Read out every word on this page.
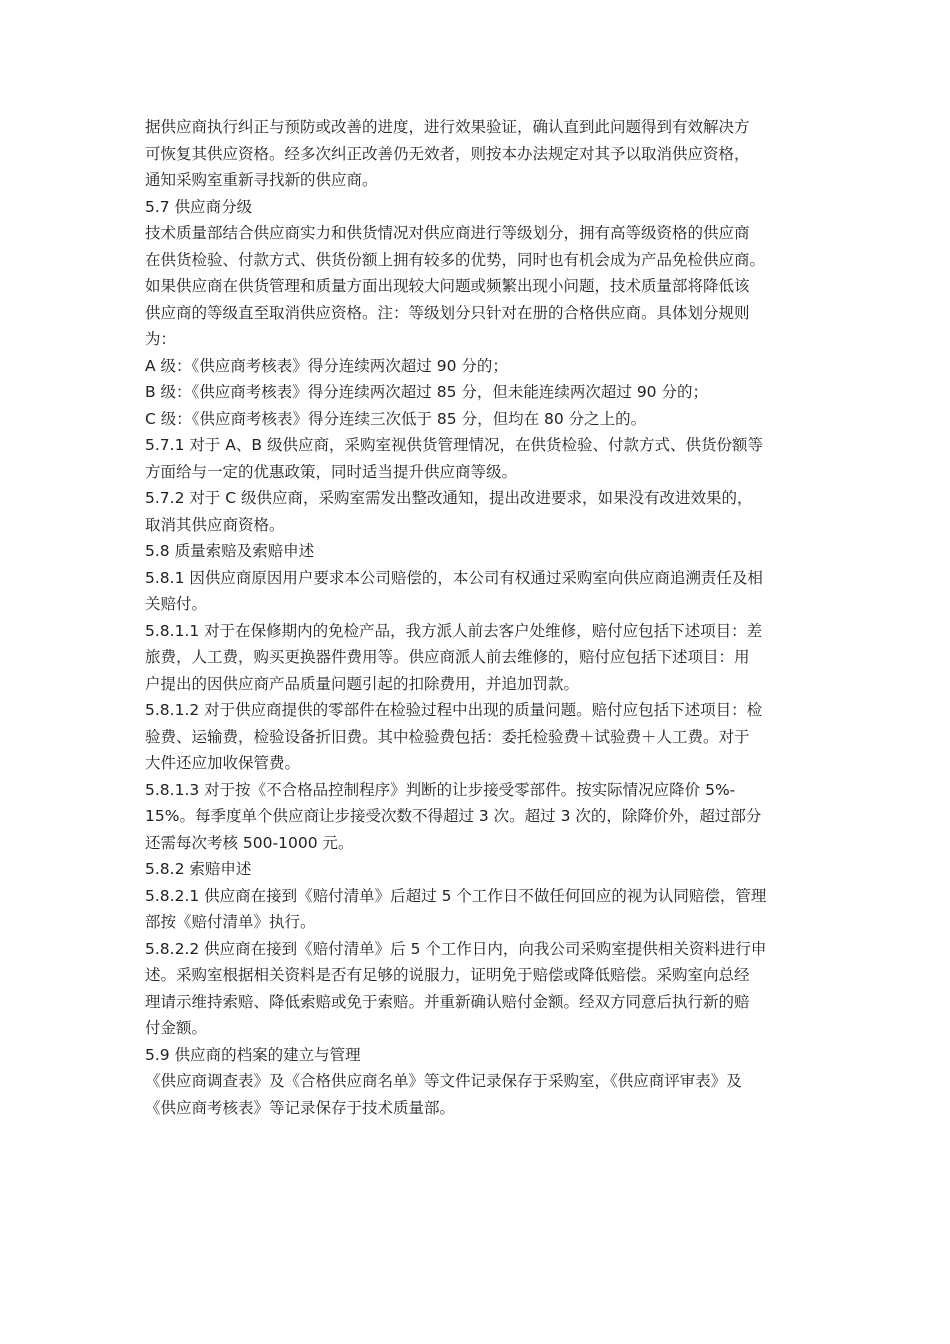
据供应商执行纠正与预防或改善的进度，进行效果验证，确认直到此问题得到有效解决方
可恢复其供应资格。经多次纠正改善仍无效者，则按本办法规定对其予以取消供应资格，
通知采购室重新寻找新的供应商。
5.7 供应商分级
技术质量部结合供应商实力和供货情况对供应商进行等级划分，拥有高等级资格的供应商
在供货检验、付款方式、供货份额上拥有较多的优势，同时也有机会成为产品免检供应商。
如果供应商在供货管理和质量方面出现较大问题或频繁出现小问题，技术质量部将降低该
供应商的等级直至取消供应资格。注：等级划分只针对在册的合格供应商。具体划分规则
为：
A 级：《供应商考核表》得分连续两次超过 90 分的；
B 级：《供应商考核表》得分连续两次超过 85 分，但未能连续两次超过 90 分的；
C 级：《供应商考核表》得分连续三次低于 85 分，但均在 80 分之上的。
5.7.1 对于 A、B 级供应商，采购室视供货管理情况，在供货检验、付款方式、供货份额等
方面给与一定的优惠政策，同时适当提升供应商等级。
5.7.2 对于 C 级供应商，采购室需发出整改通知，提出改进要求，如果没有改进效果的，
取消其供应商资格。
5.8 质量索赔及索赔申述
5.8.1 因供应商原因用户要求本公司赔偿的，本公司有权通过采购室向供应商追溯责任及相
关赔付。
5.8.1.1 对于在保修期内的免检产品，我方派人前去客户处维修，赔付应包括下述项目：差
旅费，人工费，购买更换器件费用等。供应商派人前去维修的，赔付应包括下述项目：用
户提出的因供应商产品质量问题引起的扣除费用，并追加罚款。
5.8.1.2 对于供应商提供的零部件在检验过程中出现的质量问题。赔付应包括下述项目：检
验费、运输费，检验设备折旧费。其中检验费包括：委托检验费＋试验费＋人工费。对于
大件还应加收保管费。
5.8.1.3 对于按《不合格品控制程序》判断的让步接受零部件。按实际情况应降价 5%-
15%。每季度单个供应商让步接受次数不得超过 3 次。超过 3 次的，除降价外，超过部分
还需每次考核 500-1000 元。
5.8.2 索赔申述
5.8.2.1 供应商在接到《赔付清单》后超过 5 个工作日不做任何回应的视为认同赔偿，管理
部按《赔付清单》执行。
5.8.2.2 供应商在接到《赔付清单》后 5 个工作日内，向我公司采购室提供相关资料进行申
述。采购室根据相关资料是否有足够的说服力，证明免于赔偿或降低赔偿。采购室向总经
理请示维持索赔、降低索赔或免于索赔。并重新确认赔付金额。经双方同意后执行新的赔
付金额。
5.9 供应商的档案的建立与管理
《供应商调查表》及《合格供应商名单》等文件记录保存于采购室，《供应商评审表》及
《供应商考核表》等记录保存于技术质量部。
